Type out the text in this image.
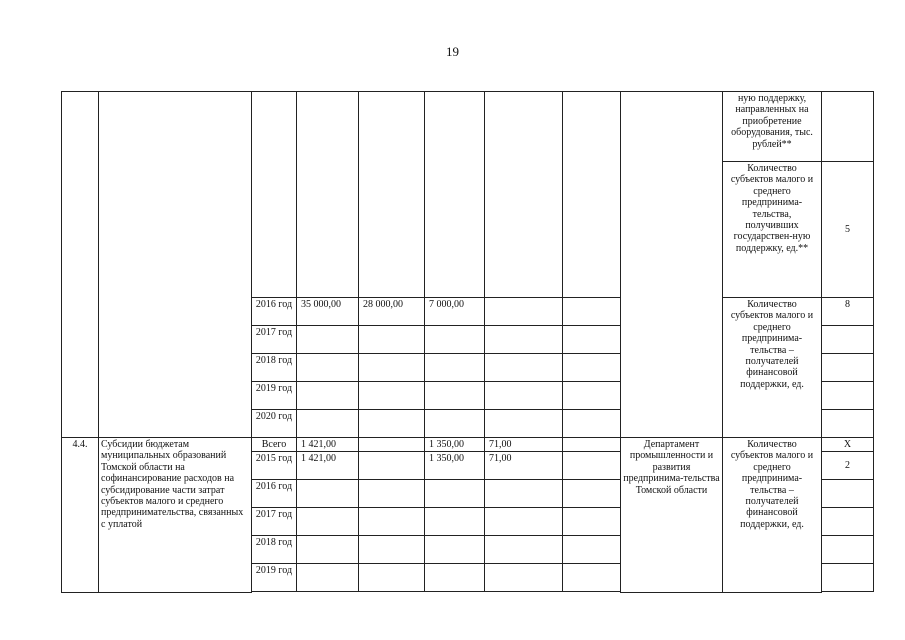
19
									ную поддержку, направленных на приобретение оборудования, тыс. рублей**	
									Количество субъектов малого и среднего предпринима-тельства, получивших государствен-ную поддержку, ед.**	5
		2016 год	35 000,00	28 000,00	7 000,00				Количество субъектов малого и среднего предпринима-тельства – получателей финансовой поддержки, ед.	8
		2017 год								
		2018 год								
		2019 год								
		2020 год								
4.4.	Субсидии бюджетам муниципальных образований Томской области на софинансирование расходов на субсидирование части затрат субъектов малого и среднего предпринимательства, связанных с уплатой	Всего	1 421,00		1 350,00	71,00		Департамент промышленности и развития предпринима-тельства Томской области	Количество субъектов малого и среднего предпринима-тельства – получателей финансовой поддержки, ед.	X
		2015 год	1 421,00		1 350,00	71,00				2
		2016 год								
		2017 год								
		2018 год								
		2019 год								
